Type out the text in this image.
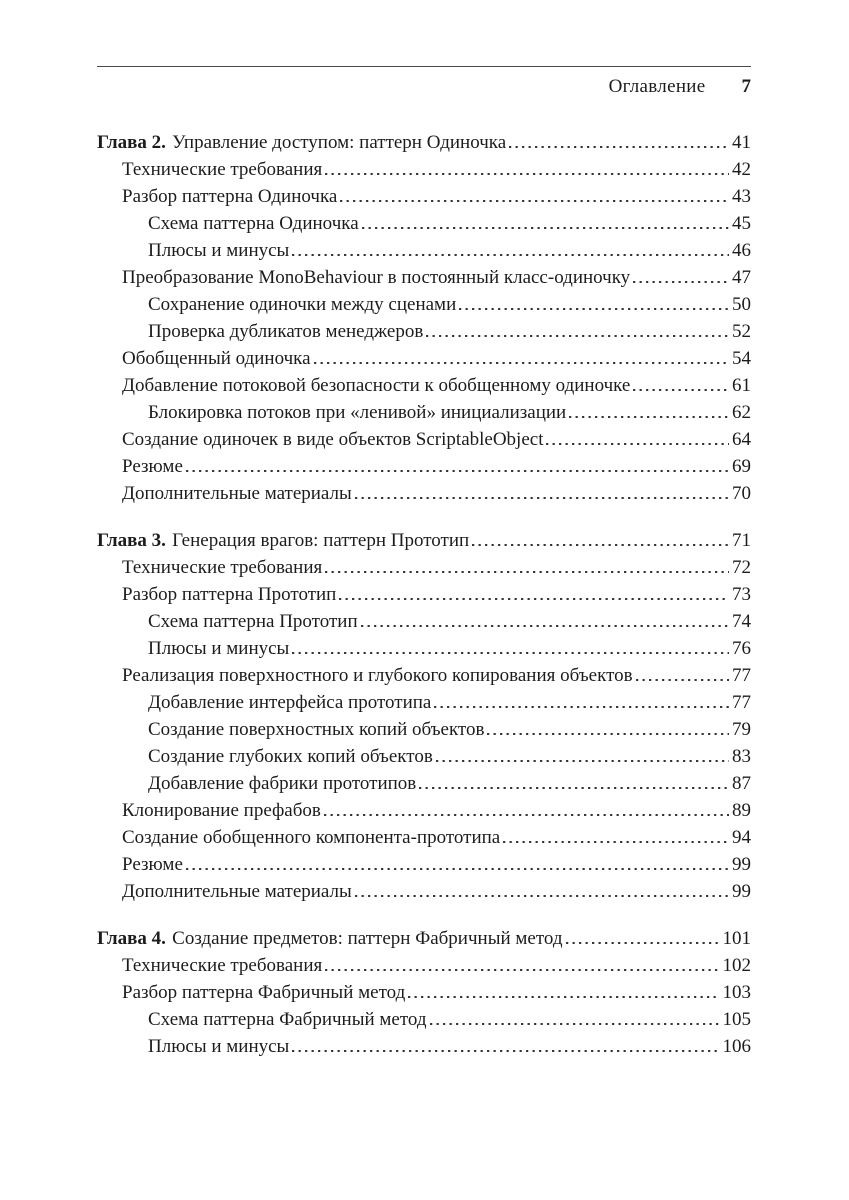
Оглавление 7
Глава 2. Управление доступом: паттерн Одиночка	41
Технические требования	42
Разбор паттерна Одиночка	43
Схема паттерна Одиночка	45
Плюсы и минусы	46
Преобразование MonoBehaviour в постоянный класс-одиночку	47
Сохранение одиночки между сценами	50
Проверка дубликатов менеджеров	52
Обобщенный одиночка	54
Добавление потоковой безопасности к обобщенному одиночке	61
Блокировка потоков при «ленивой» инициализации	62
Создание одиночек в виде объектов ScriptableObject	64
Резюме	69
Дополнительные материалы	70
Глава 3. Генерация врагов: паттерн Прототип	71
Технические требования	72
Разбор паттерна Прототип	73
Схема паттерна Прототип	74
Плюсы и минусы	76
Реализация поверхностного и глубокого копирования объектов	77
Добавление интерфейса прототипа	77
Создание поверхностных копий объектов	79
Создание глубоких копий объектов	83
Добавление фабрики прототипов	87
Клонирование префабов	89
Создание обобщенного компонента-прототипа	94
Резюме	99
Дополнительные материалы	99
Глава 4. Создание предметов: паттерн Фабричный метод	101
Технические требования	102
Разбор паттерна Фабричный метод	103
Схема паттерна Фабричный метод	105
Плюсы и минусы	106
